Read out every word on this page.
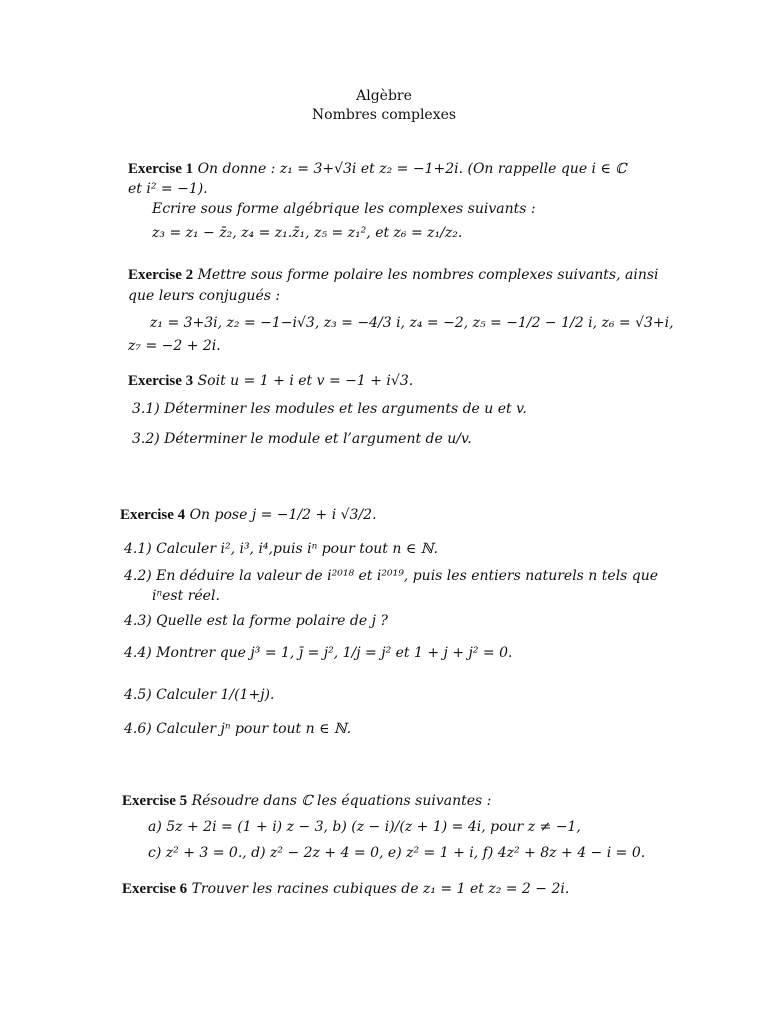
Algèbre
Nombres complexes
Exercise 1 On donne : z₁ = 3+√3i et z₂ = −1+2i. (On rappelle que i ∈ ℂ
et i² = −1).
Ecrire sous forme algébrique les complexes suivants :
z₃ = z₁ − z̄₂, z₄ = z₁.z̄₁, z₅ = z₁², et z₆ = z₁/z₂.
Exercise 2 Mettre sous forme polaire les nombres complexes suivants, ainsi
que leurs conjugués :
z₁ = 3+3i, z₂ = −1−i√3, z₃ = −4/3 i, z₄ = −2, z₅ = −1/2 − 1/2 i, z₆ = √3+i,
z₇ = −2 + 2i.
Exercise 3 Soit u = 1 + i et v = −1 + i√3.
3.1) Déterminer les modules et les arguments de u et v.
3.2) Déterminer le module et l’argument de u/v.
Exercise 4 On pose j = −1/2 + i √3/2.
4.1) Calculer i², i³, i⁴,puis iⁿ pour tout n ∈ ℕ.
4.2) En déduire la valeur de i²⁰¹⁸ et i²⁰¹⁹, puis les entiers naturels n tels que
iⁿest réel.
4.3) Quelle est la forme polaire de j ?
4.4) Montrer que j³ = 1, j̄ = j², 1/j = j² et 1 + j + j² = 0.
4.5) Calculer 1/(1+j).
4.6) Calculer jⁿ pour tout n ∈ ℕ.
Exercise 5 Résoudre dans ℂ les équations suivantes :
a) 5z + 2i = (1 + i) z − 3, b) (z − i)/(z + 1) = 4i, pour z ≠ −1,
c) z² + 3 = 0., d) z² − 2z + 4 = 0, e) z² = 1 + i, f) 4z² + 8z + 4 − i = 0.
Exercise 6 Trouver les racines cubiques de z₁ = 1 et z₂ = 2 − 2i.
